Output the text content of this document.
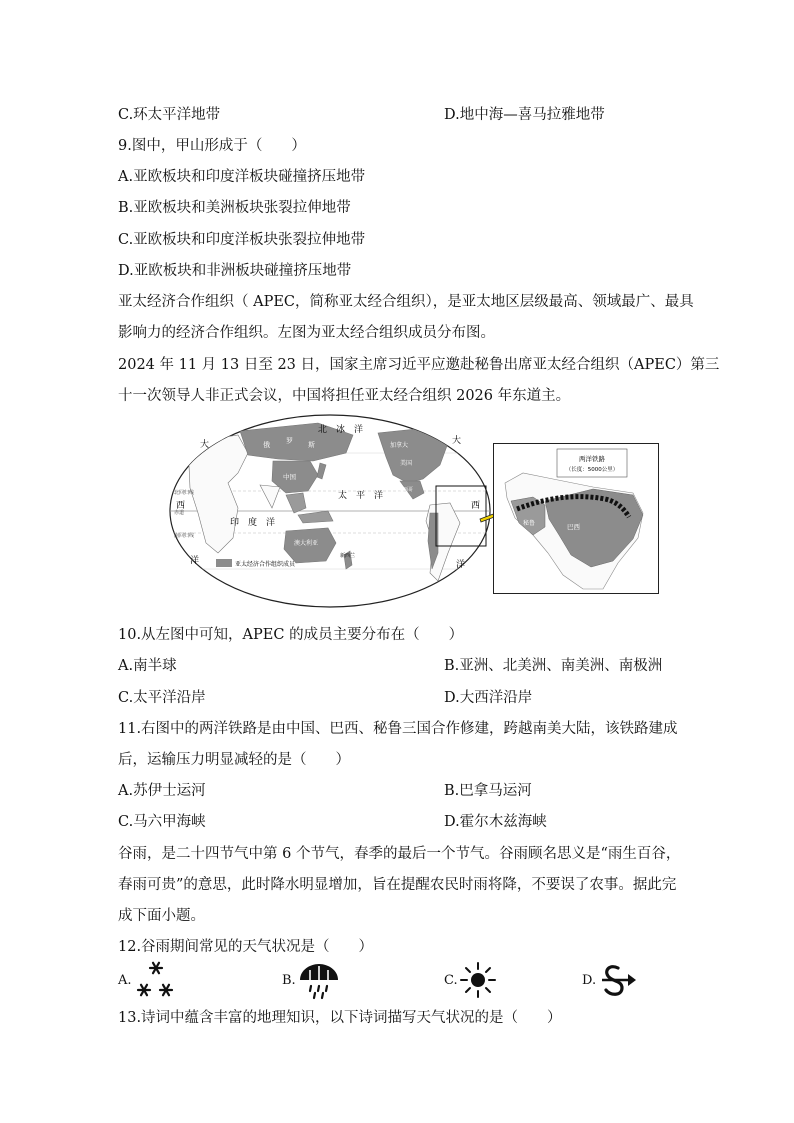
C.环太平洋地带	D.地中海—喜马拉雅地带
9.图中，甲山形成于（　　）
A.亚欧板块和印度洋板块碰撞挤压地带
B.亚欧板块和美洲板块张裂拉伸地带
C.亚欧板块和印度洋板块张裂拉伸地带
D.亚欧板块和非洲板块碰撞挤压地带
亚太经济合作组织（ APEC，简称亚太经合组织），是亚太地区层级最高、领域最广、最具
影响力的经济合作组织。左图为亚太经合组织成员分布图。
2024 年 11 月 13 日至 23 日，国家主席习近平应邀赴秘鲁出席亚太经合组织（APEC）第三
十一次领导人非正式会议，中国将担任亚太经合组织 2026 年东道主。
北　冰　洋
太　平　洋
印　度　洋
大
西
洋
大
西
洋
俄 罗 斯
中国
加拿大
美国
墨西哥
澳大利亚
新西兰
赤道
北回归线
南回归线
亚太经济合作组织成员
两洋铁路
（长度：5000公里）
秘鲁	巴西
10.从左图中可知，APEC 的成员主要分布在（　　）
A.南半球	B.亚洲、北美洲、南美洲、南极洲
C.太平洋沿岸	D.大西洋沿岸
11.右图中的两洋铁路是由中国、巴西、秘鲁三国合作修建，跨越南美大陆，该铁路建成
后，运输压力明显减轻的是（　　）
A.苏伊士运河	B.巴拿马运河
C.马六甲海峡	D.霍尔木兹海峡
谷雨，是二十四节气中第 6 个节气，春季的最后一个节气。谷雨顾名思义是“雨生百谷，
春雨可贵”的意思，此时降水明显增加，旨在提醒农民时雨将降，不要误了农事。据此完
成下面小题。
12.谷雨期间常见的天气状况是（　　）
A.	B.	C.	D.
13.诗词中蕴含丰富的地理知识，以下诗词描写天气状况的是（　　）
